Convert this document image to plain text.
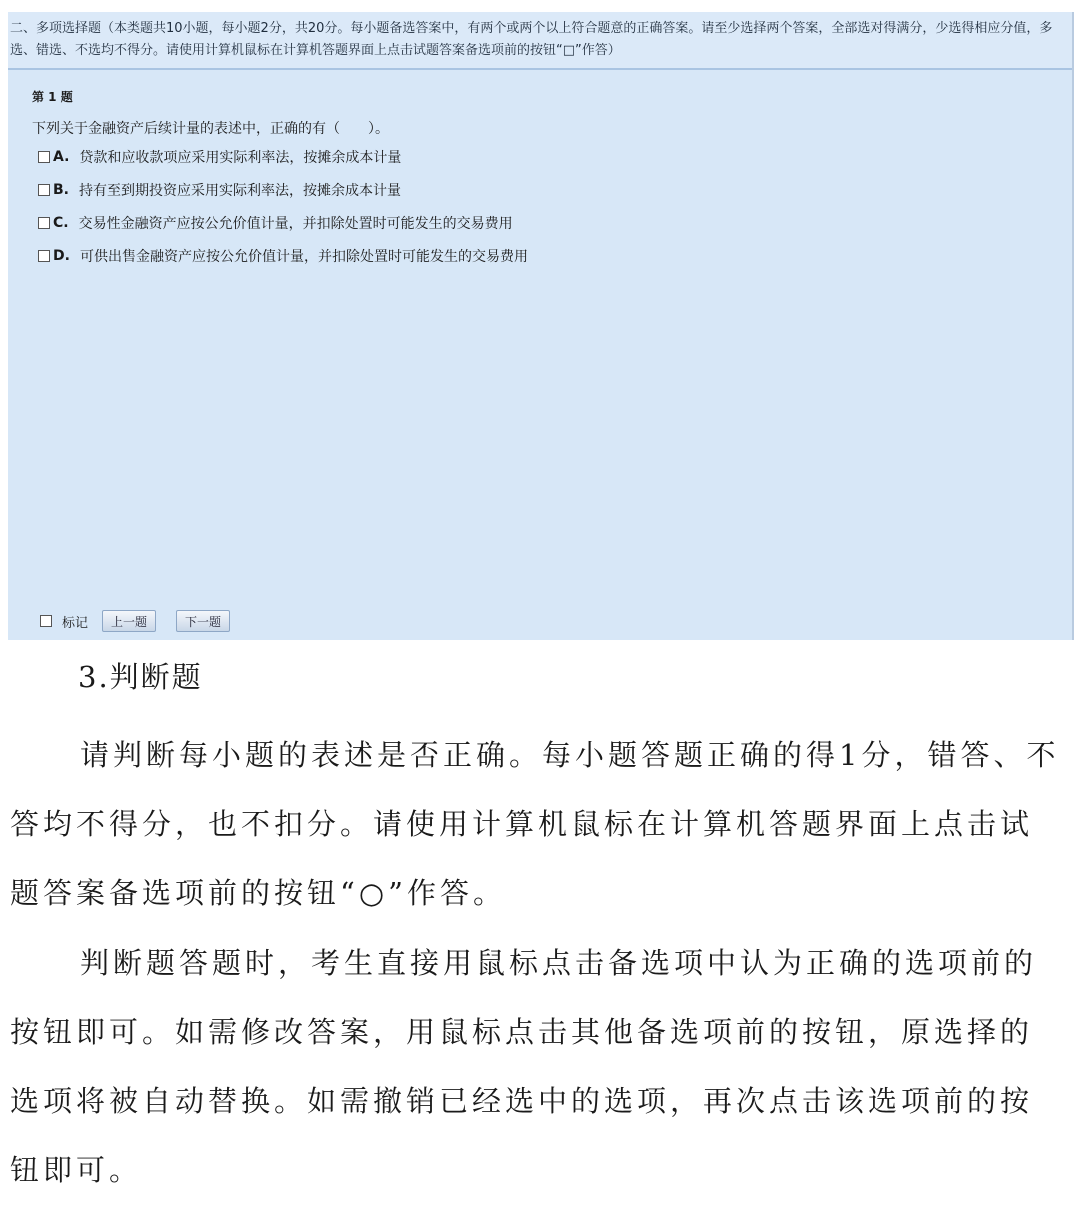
二、多项选择题（本类题共10小题，每小题2分，共20分。每小题备选答案中，有两个或两个以上符合题意的正确答案。请至少选择两个答案，全部选对得满分，少选得相应分值，多选、错选、不选均不得分。请使用计算机鼠标在计算机答题界面上点击试题答案备选项前的按钮“□”作答）
第 1 题
下列关于金融资产后续计量的表述中，正确的有（　　）。
A. 贷款和应收款项应采用实际利率法，按摊余成本计量
B. 持有至到期投资应采用实际利率法，按摊余成本计量
C. 交易性金融资产应按公允价值计量，并扣除处置时可能发生的交易费用
D. 可供出售金融资产应按公允价值计量，并扣除处置时可能发生的交易费用
标记	上一题	下一题
3.判断题
请判断每小题的表述是否正确。每小题答题正确的得1分，错答、不答均不得分，也不扣分。请使用计算机鼠标在计算机答题界面上点击试题答案备选项前的按钮“○”作答。
判断题答题时，考生直接用鼠标点击备选项中认为正确的选项前的按钮即可。如需修改答案，用鼠标点击其他备选项前的按钮，原选择的选项将被自动替换。如需撤销已经选中的选项，再次点击该选项前的按钮即可。
